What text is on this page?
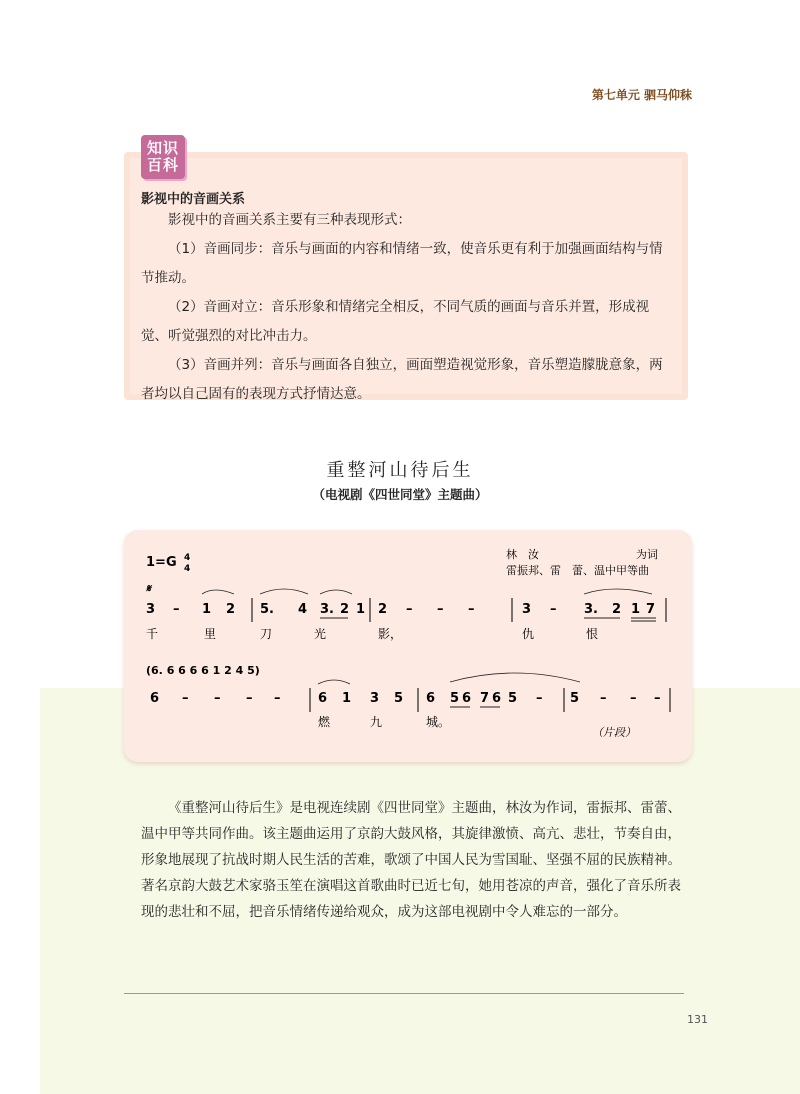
第七单元 驷马仰秣
知识
百科
影视中的音画关系

影视中的音画关系主要有三种表现形式：

（1）音画同步：音乐与画面的内容和情绪一致，使音乐更有利于加强画面结构与情节推动。

（2）音画对立：音乐形象和情绪完全相反，不同气质的画面与音乐并置，形成视觉、听觉强烈的对比冲击力。

（3）音画并列：音乐与画面各自独立，画面塑造视觉形象，音乐塑造朦胧意象，两者均以自己固有的表现方式抒情达意。

重整河山待后生
（电视剧《四世同堂》主题曲）
1=G 4
4
林　汝	为词
雷振邦、雷　蕾、温中甲等曲
𝄋
3 – 1 2 5. 4 3. 2 1 2 – – –	3 – 3. 2 1 7
千	里	刀	光	影，	仇	恨
(6. 6 6 6 6 1 2 4 5)
6 – – – –	6 1 3 5 6 5 6 7 6 5 – 5 – – –
燃	九	城。
（片段）

《重整河山待后生》是电视连续剧《四世同堂》主题曲，林汝为作词，雷振邦、雷蕾、温中甲等共同作曲。该主题曲运用了京韵大鼓风格，其旋律激愤、高亢、悲壮，节奏自由，形象地展现了抗战时期人民生活的苦难，歌颂了中国人民为雪国耻、坚强不屈的民族精神。著名京韵大鼓艺术家骆玉笙在演唱这首歌曲时已近七旬，她用苍凉的声音，强化了音乐所表现的悲壮和不屈，把音乐情绪传递给观众，成为这部电视剧中令人难忘的一部分。

131
